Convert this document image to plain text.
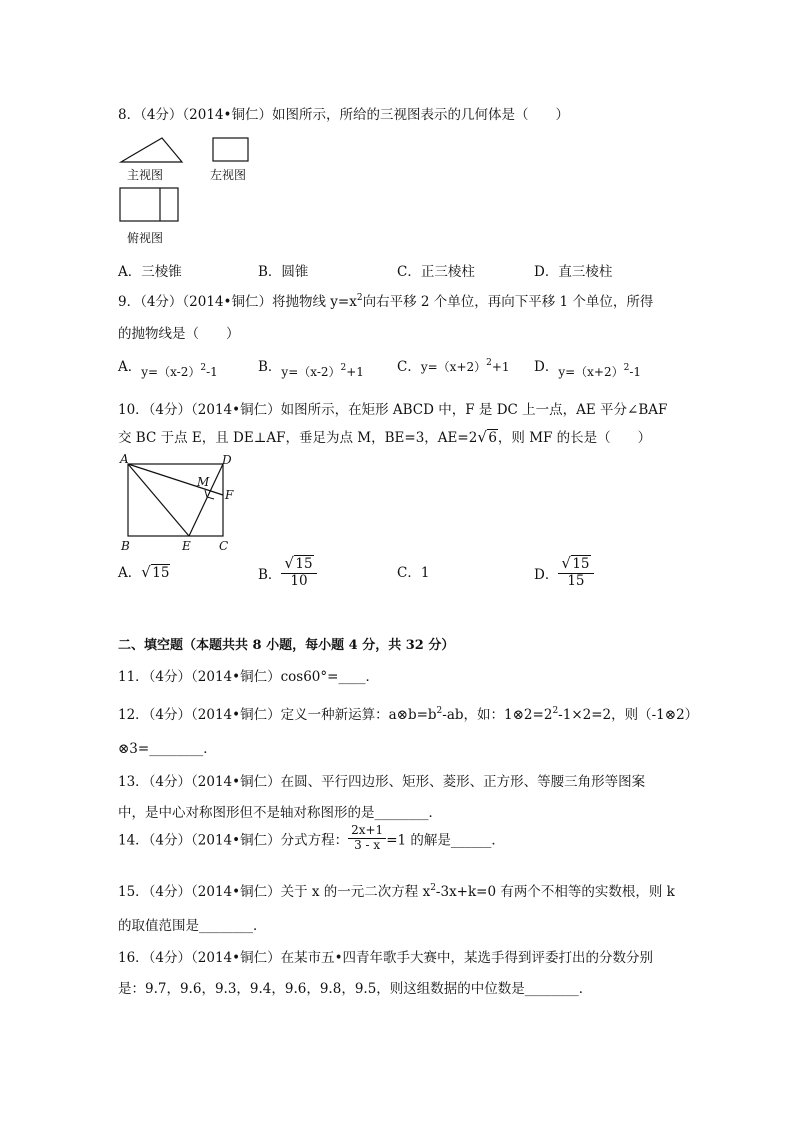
8．（4分）（2014•铜仁）如图所示，所给的三视图表示的几何体是（　　）
主视图	左视图
俯视图
A．三棱锥	B．圆锥	C．正三棱柱	D．直三棱柱
9．（4分）（2014•铜仁）将抛物线 $y=x^2$向右平移 2 个单位，再向下平移 1 个单位，所得
的抛物线是（　　）
A．$y=(x-2)^2-1$	B．$y=(x-2)^2+1$ C．$y=(x+2)^2+1$ D．$y=(x+2)^2-1$
10．（4分）（2014•铜仁）如图所示，在矩形 ABCD 中，F 是 DC 上一点，AE 平分∠BAF
交 BC 于点 E，且 DE⊥AF，垂足为点 M，BE=3，AE=2 √ 6，则 MF 的长是（　　）
A	D
M
F
B	E C
A． √ 15	B． $\frac{√ 15}{10}$	C．1	D． $\frac{√ 15}{15}$
二、填空题（本题共共 8 小题，每小题 4 分，共 32 分）
11．（4分）（2014•铜仁）cos60°=____．
12．（4分）（2014•铜仁）定义一种新运算：$a\otimes b=b^2-ab$，如：$1\otimes 2=2^2-1\times 2=2$，则（-1⊗2）
⊗3=________．
13．（4分）（2014•铜仁）在圆、平行四边形、矩形、菱形、正方形、等腰三角形等图案
中，是中心对称图形但不是轴对称图形的是________．
14．（4分）（2014•铜仁）分式方程： $\frac{2x+1}{3 - x} =1$ 的解是______．
15．（4分）（2014•铜仁）关于 x 的一元二次方程 $x^2-3x+k=0$ 有两个不相等的实数根，则 k
的取值范围是________．
16．（4分）（2014•铜仁）在某市五•四青年歌手大赛中，某选手得到评委打出的分数分别
是：9.7，9.6，9.3，9.4，9.6，9.8，9.5，则这组数据的中位数是________．
